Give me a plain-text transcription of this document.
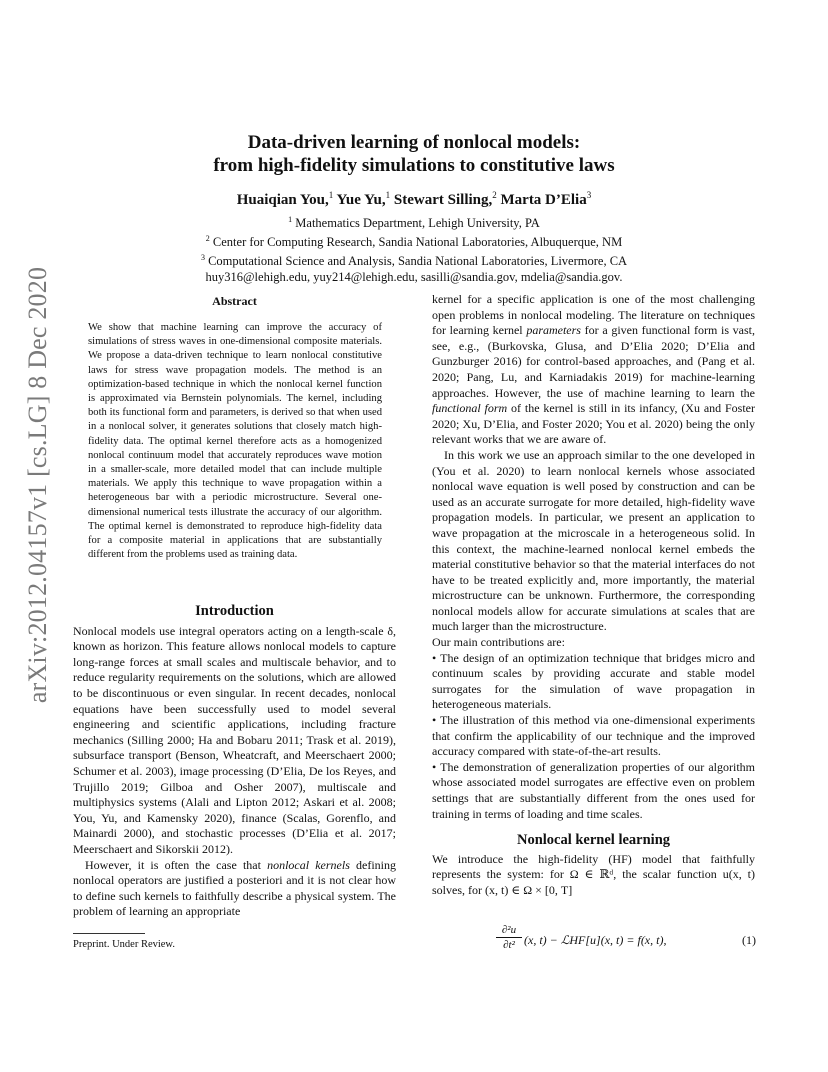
arXiv:2012.04157v1 [cs.LG] 8 Dec 2020
Data-driven learning of nonlocal models:
from high-fidelity simulations to constitutive laws
Huaiqian You,$^1$ Yue Yu,$^1$ Stewart Silling,$^2$ Marta D’Elia$^3$
$^1$ Mathematics Department, Lehigh University, PA
$^2$ Center for Computing Research, Sandia National Laboratories, Albuquerque, NM
$^3$ Computational Science and Analysis, Sandia National Laboratories, Livermore, CA
huy316@lehigh.edu, yuy214@lehigh.edu, sasilli@sandia.gov, mdelia@sandia.gov.
Abstract
We show that machine learning can improve the accuracy of simulations of stress waves in one-dimensional composite materials. We propose a data-driven technique to learn nonlocal constitutive laws for stress wave propagation models. The method is an optimization-based technique in which the nonlocal kernel function is approximated via Bernstein polynomials. The kernel, including both its functional form and parameters, is derived so that when used in a nonlocal solver, it generates solutions that closely match high-fidelity data. The optimal kernel therefore acts as a homogenized nonlocal continuum model that accurately reproduces wave motion in a smaller-scale, more detailed model that can include multiple materials. We apply this technique to wave propagation within a heterogeneous bar with a periodic microstructure. Several one-dimensional numerical tests illustrate the accuracy of our algorithm. The optimal kernel is demonstrated to reproduce high-fidelity data for a composite material in applications that are substantially different from the problems used as training data.
Introduction

Nonlocal models use integral operators acting on a length-scale δ, known as horizon. This feature allows nonlocal models to capture long-range forces at small scales and multiscale behavior, and to reduce regularity requirements on the solutions, which are allowed to be discontinuous or even singular. In recent decades, nonlocal equations have been successfully used to model several engineering and scientific applications, including fracture mechanics (Silling 2000; Ha and Bobaru 2011; Trask et al. 2019), subsurface transport (Benson, Wheatcraft, and Meerschaert 2000; Schumer et al. 2003), image processing (D’Elia, De los Reyes, and Trujillo 2019; Gilboa and Osher 2007), multiscale and multiphysics systems (Alali and Lipton 2012; Askari et al. 2008; You, Yu, and Kamensky 2020), finance (Scalas, Gorenflo, and Mainardi 2000), and stochastic processes (D’Elia et al. 2017; Meerschaert and Sikorskii 2012).

However, it is often the case that nonlocal kernels defining nonlocal operators are justified a posteriori and it is not clear how to define such kernels to faithfully describe a physical system. The problem of learning an appropriate

Preprint. Under Review.

kernel for a specific application is one of the most challenging open problems in nonlocal modeling. The literature on techniques for learning kernel parameters for a given functional form is vast, see, e.g., (Burkovska, Glusa, and D’Elia 2020; D’Elia and Gunzburger 2016) for control-based approaches, and (Pang et al. 2020; Pang, Lu, and Karniadakis 2019) for machine-learning approaches. However, the use of machine learning to learn the functional form of the kernel is still in its infancy, (Xu and Foster 2020; Xu, D’Elia, and Foster 2020; You et al. 2020) being the only relevant works that we are aware of.

In this work we use an approach similar to the one developed in (You et al. 2020) to learn nonlocal kernels whose associated nonlocal wave equation is well posed by construction and can be used as an accurate surrogate for more detailed, high-fidelity wave propagation models. In particular, we present an application to wave propagation at the microscale in a heterogeneous solid. In this context, the machine-learned nonlocal kernel embeds the material constitutive behavior so that the material interfaces do not have to be treated explicitly and, more importantly, the material microstructure can be unknown. Furthermore, the corresponding nonlocal models allow for accurate simulations at scales that are much larger than the microstructure.

Our main contributions are:

• The design of an optimization technique that bridges micro and continuum scales by providing accurate and stable model surrogates for the simulation of wave propagation in heterogeneous materials.

• The illustration of this method via one-dimensional experiments that confirm the applicability of our technique and the improved accuracy compared with state-of-the-art results.

• The demonstration of generalization properties of our algorithm whose associated model surrogates are effective even on problem settings that are substantially different from the ones used for training in terms of loading and time scales.

Nonlocal kernel learning

We introduce the high-fidelity (HF) model that faithfully represents the system: for Ω ∈ ℝᵈ, the scalar function u(x, t) solves, for (x, t) ∈ Ω × [0, T]

$\frac{\text{∂²u}}{\text{∂t²}} (x$, t) − ℒHF[u](x, t) = f(x, t),	(1)
